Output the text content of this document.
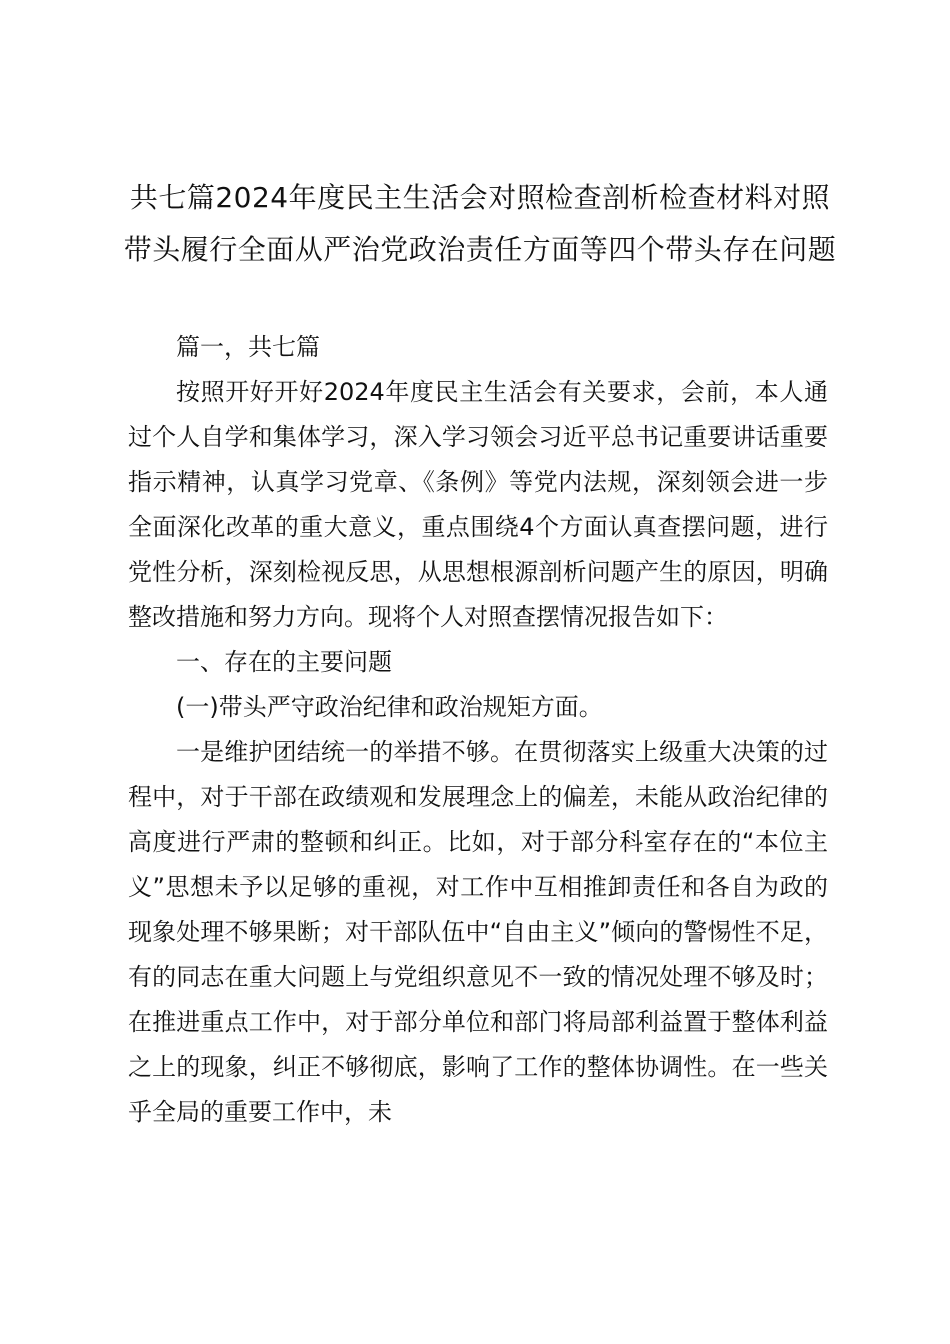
共七篇2024年度民主生活会对照检查剖析检查材料对照带头履行全面从严治党政治责任方面等四个带头存在问题

篇一，共七篇

按照开好开好2024年度民主生活会有关要求，会前，本人通过个人自学和集体学习，深入学习领会习近平总书记重要讲话重要指示精神，认真学习党章、《条例》等党内法规，深刻领会进一步全面深化改革的重大意义，重点围绕4个方面认真查摆问题，进行党性分析，深刻检视反思，从思想根源剖析问题产生的原因，明确整改措施和努力方向。现将个人对照查摆情况报告如下：

一、存在的主要问题

(一)带头严守政治纪律和政治规矩方面。

一是维护团结统一的举措不够。在贯彻落实上级重大决策的过程中，对于干部在政绩观和发展理念上的偏差，未能从政治纪律的高度进行严肃的整顿和纠正。比如，对于部分科室存在的“本位主义”思想未予以足够的重视，对工作中互相推卸责任和各自为政的现象处理不够果断；对干部队伍中“自由主义”倾向的警惕性不足，有的同志在重大问题上与党组织意见不一致的情况处理不够及时；在推进重点工作中，对于部分单位和部门将局部利益置于整体利益之上的现象，纠正不够彻底，影响了工作的整体协调性。在一些关乎全局的重要工作中，未
